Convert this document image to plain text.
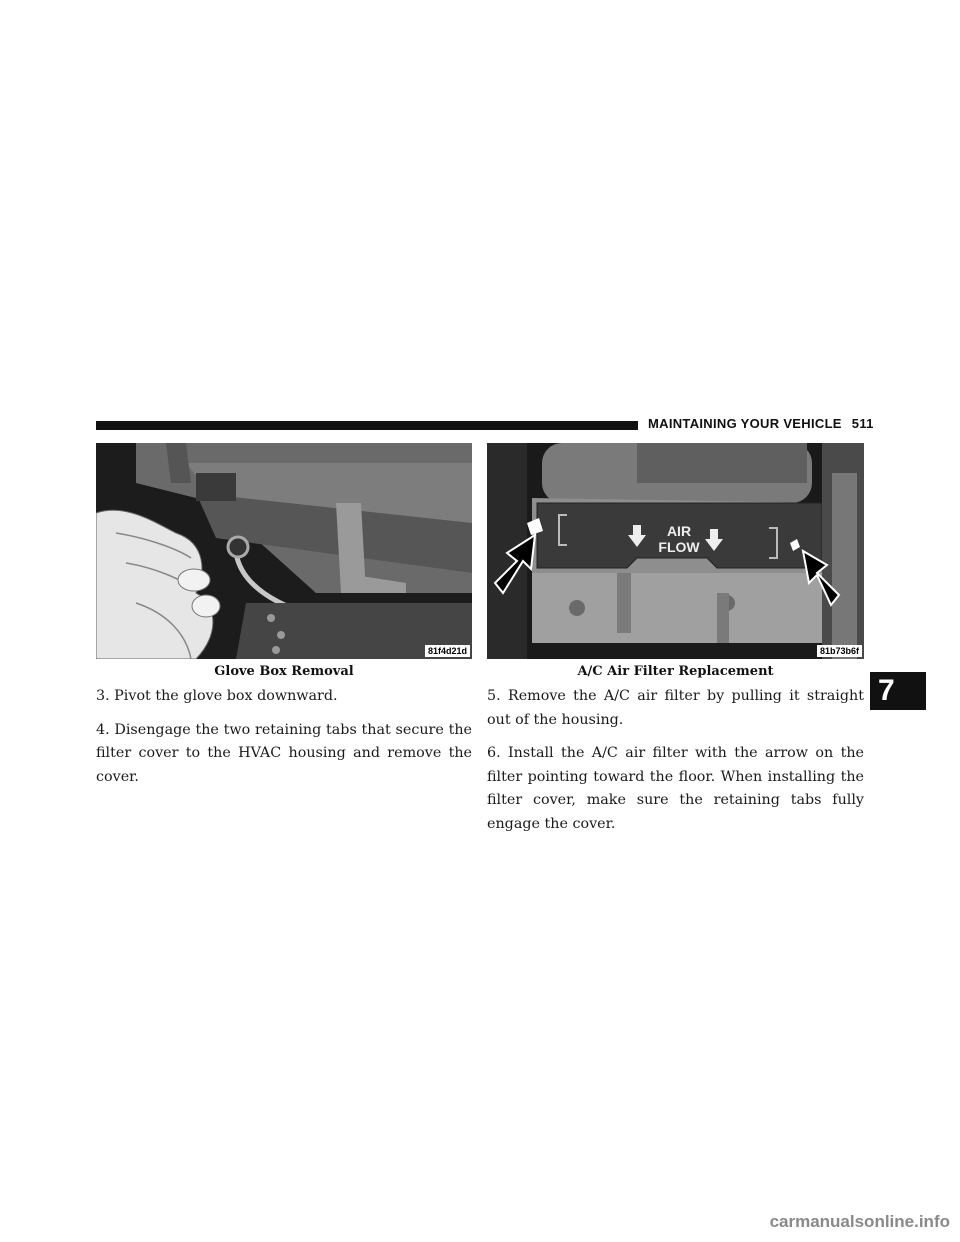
MAINTAINING YOUR VEHICLE 511
81f4d21d
Glove Box Removal
AIR
FLOW
81b73b6f
A/C Air Filter Replacement

3. Pivot the glove box downward.

4. Disengage the two retaining tabs that secure the filter cover to the HVAC housing and remove the cover.

5. Remove the A/C air filter by pulling it straight out of the housing.

6. Install the A/C air filter with the arrow on the filter pointing toward the floor. When installing the filter cover, make sure the retaining tabs fully engage the cover.

7
carmanualsonline.info
